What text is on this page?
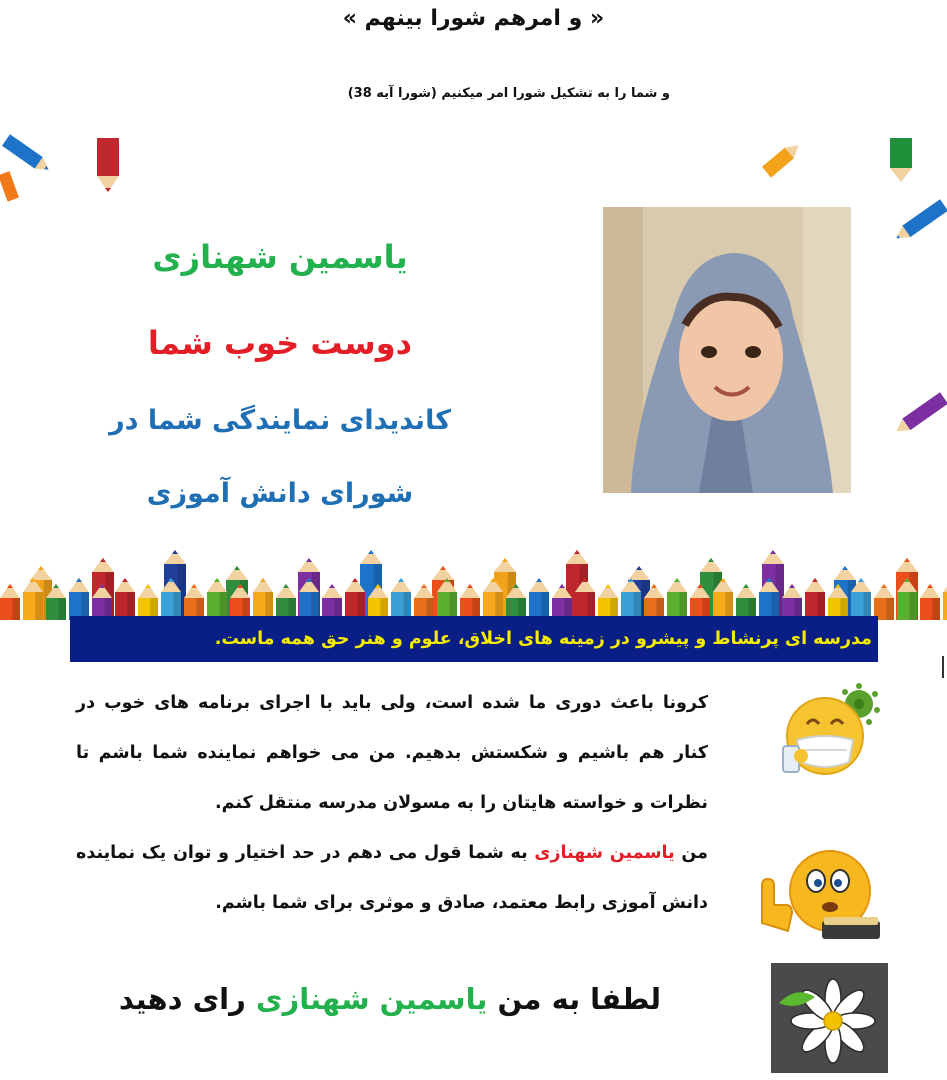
« و امرهم شورا بینهم »
و شما را به تشکیل شورا امر میکنیم (شورا آیه 38)
یاسمین شهنازی
دوست خوب شما
کاندیدای نمایندگی شما در
شورای دانش آموزی
مدرسه ای پرنشاط و پیشرو در زمینه های اخلاق، علوم و هنر حق همه ماست.
کرونا باعث دوری ما شده است، ولی باید با اجرای برنامه های خوب در کنار هم باشیم و شکستش بدهیم. من می خواهم نماینده شما باشم تا نظرات و خواسته هایتان را به مسولان مدرسه منتقل کنم.
من یاسمین شهنازی به شما قول می دهم در حد اختیار و توان یک نماینده دانش آموزی رابط معتمد، صادق و موثری برای شما باشم.
لطفا به من یاسمین شهنازی رای دهید
